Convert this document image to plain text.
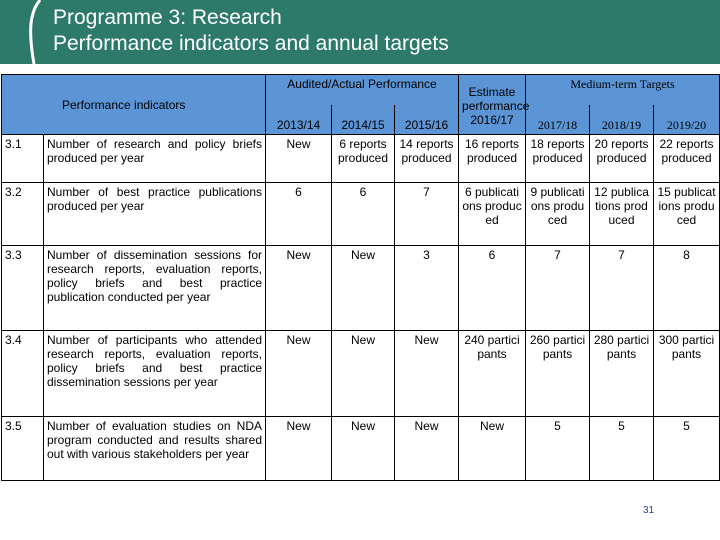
Programme 3: Research
Performance indicators and annual targets
Performance indicators		Audited/Actual Performance			Estimate performance 2016/17	Medium-term Targets		
		2013/14	2014/15	2015/16		2017/18	2018/19	2019/20
3.1	Number of research and policy briefs produced per year	New	6 reports produced	14 reports produced	16 reports produced	18 reports produced	20 reports produced	22 reports produced
3.2	Number of best practice publications produced per year	6	6	7	6 publications produced	9 publications produced	12 publications produced	15 publications produced
3.3	Number of dissemination sessions for research reports, evaluation reports, policy briefs and best practice publication conducted per year	New	New	3	6	7	7	8
3.4	Number of participants who attended research reports, evaluation reports, policy briefs and best practice dissemination sessions per year	New	New	New	240 participants	260 participants	280 participants	300 participants
3.5	Number of evaluation studies on NDA program conducted and results shared out with various stakeholders per year	New	New	New	New	5	5	5
31
